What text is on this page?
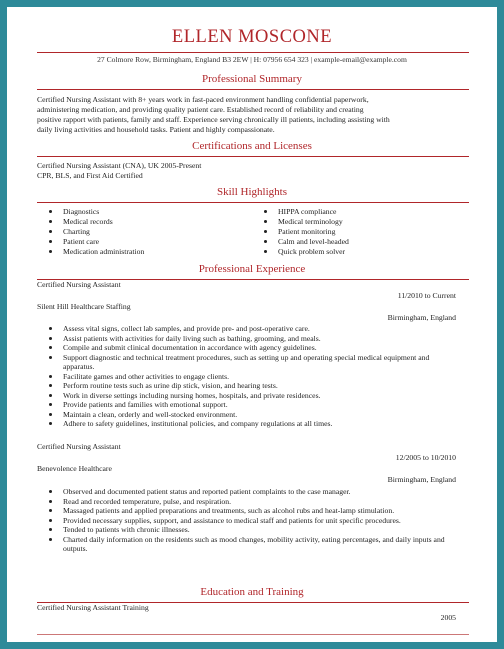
ELLEN MOSCONE
27 Colmore Row, Birmingham, England B3 2EW | H: 07956 654 323 | example-email@example.com
Professional Summary
Certified Nursing Assistant with 8+ years work in fast-paced environment handling confidential paperwork,
administering medication, and providing quality patient care. Established record of reliability and creating
positive rapport with patients, family and staff. Experience serving chronically ill patients, including assisting with
daily living activities and household tasks. Patient and highly compassionate.
Certifications and Licenses
Certified Nursing Assistant (CNA), UK 2005-Present
CPR, BLS, and First Aid Certified
Skill Highlights
Diagnostics
Medical records
Charting
Patient care
Medication administration
HIPPA compliance
Medical terminology
Patient monitoring
Calm and level-headed
Quick problem solver
Professional Experience
Certified Nursing Assistant
11/2010 to Current
Silent Hill Healthcare Staffing
Birmingham, England
Assess vital signs, collect lab samples, and provide pre- and post-operative care.
Assist patients with activities for daily living such as bathing, grooming, and meals.
Compile and submit clinical documentation in accordance with agency guidelines.
Support diagnostic and technical treatment procedures, such as setting up and operating special medical equipment and apparatus.
Facilitate games and other activities to engage clients.
Perform routine tests such as urine dip stick, vision, and hearing tests.
Work in diverse settings including nursing homes, hospitals, and private residences.
Provide patients and families with emotional support.
Maintain a clean, orderly and well-stocked environment.
Adhere to safety guidelines, institutional policies, and company regulations at all times.
Certified Nursing Assistant
12/2005 to 10/2010
Benevolence Healthcare
Birmingham, England
Observed and documented patient status and reported patient complaints to the case manager.
Read and recorded temperature, pulse, and respiration.
Massaged patients and applied preparations and treatments, such as alcohol rubs and heat-lamp stimulation.
Provided necessary supplies, support, and assistance to medical staff and patients for unit specific procedures.
Tended to patients with chronic illnesses.
Charted daily information on the residents such as mood changes, mobility activity, eating percentages, and daily inputs and outputs.
Education and Training
Certified Nursing Assistant Training
2005
